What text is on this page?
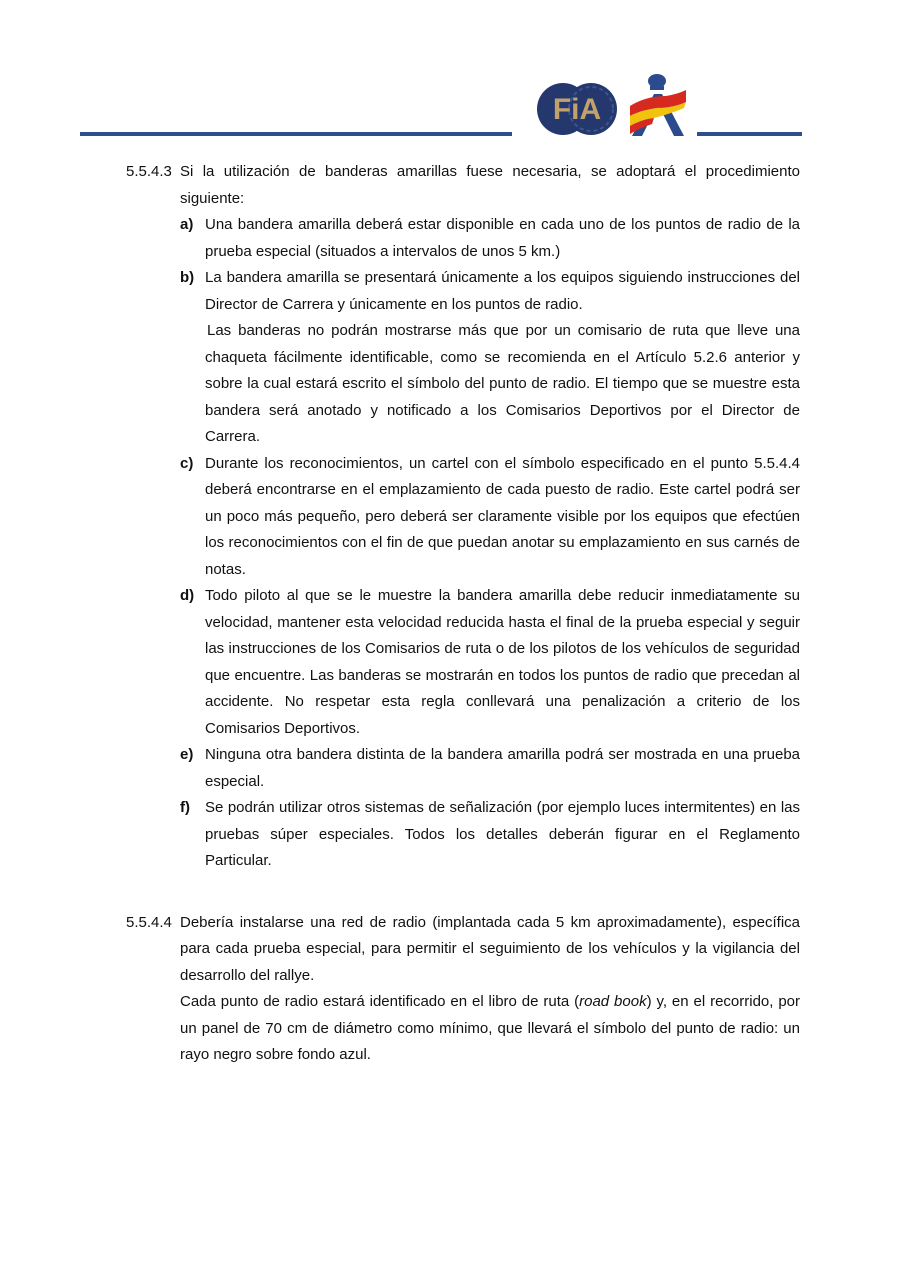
FiA
5.5.4.3 Si la utilización de banderas amarillas fuese necesaria, se adoptará el procedimiento siguiente:

a) Una bandera amarilla deberá estar disponible en cada uno de los puntos de radio de la prueba especial (situados a intervalos de unos 5 km.)

b) La bandera amarilla se presentará únicamente a los equipos siguiendo instrucciones del Director de Carrera y únicamente en los puntos de radio.

Las banderas no podrán mostrarse más que por un comisario de ruta que lleve una chaqueta fácilmente identificable, como se recomienda en el Artículo 5.2.6 anterior y sobre la cual estará escrito el símbolo del punto de radio. El tiempo que se muestre esta bandera será anotado y notificado a los Comisarios Deportivos por el Director de Carrera.

c) Durante los reconocimientos, un cartel con el símbolo especificado en el punto 5.5.4.4 deberá encontrarse en el emplazamiento de cada puesto de radio. Este cartel podrá ser un poco más pequeño, pero deberá ser claramente visible por los equipos que efectúen los reconocimientos con el fin de que puedan anotar su emplazamiento en sus carnés de notas.

d) Todo piloto al que se le muestre la bandera amarilla debe reducir inmediatamente su velocidad, mantener esta velocidad reducida hasta el final de la prueba especial y seguir las instrucciones de los Comisarios de ruta o de los pilotos de los vehículos de seguridad que encuentre. Las banderas se mostrarán en todos los puntos de radio que precedan al accidente. No respetar esta regla conllevará una penalización a criterio de los Comisarios Deportivos.

e) Ninguna otra bandera distinta de la bandera amarilla podrá ser mostrada en una prueba especial.

f) Se podrán utilizar otros sistemas de señalización (por ejemplo luces intermitentes) en las pruebas súper especiales. Todos los detalles deberán figurar en el Reglamento Particular.

5.5.4.4 Debería instalarse una red de radio (implantada cada 5 km aproximadamente), específica para cada prueba especial, para permitir el seguimiento de los vehículos y la vigilancia del desarrollo del rallye.

Cada punto de radio estará identificado en el libro de ruta (road book) y, en el recorrido, por un panel de 70 cm de diámetro como mínimo, que llevará el símbolo del punto de radio: un rayo negro sobre fondo azul.
